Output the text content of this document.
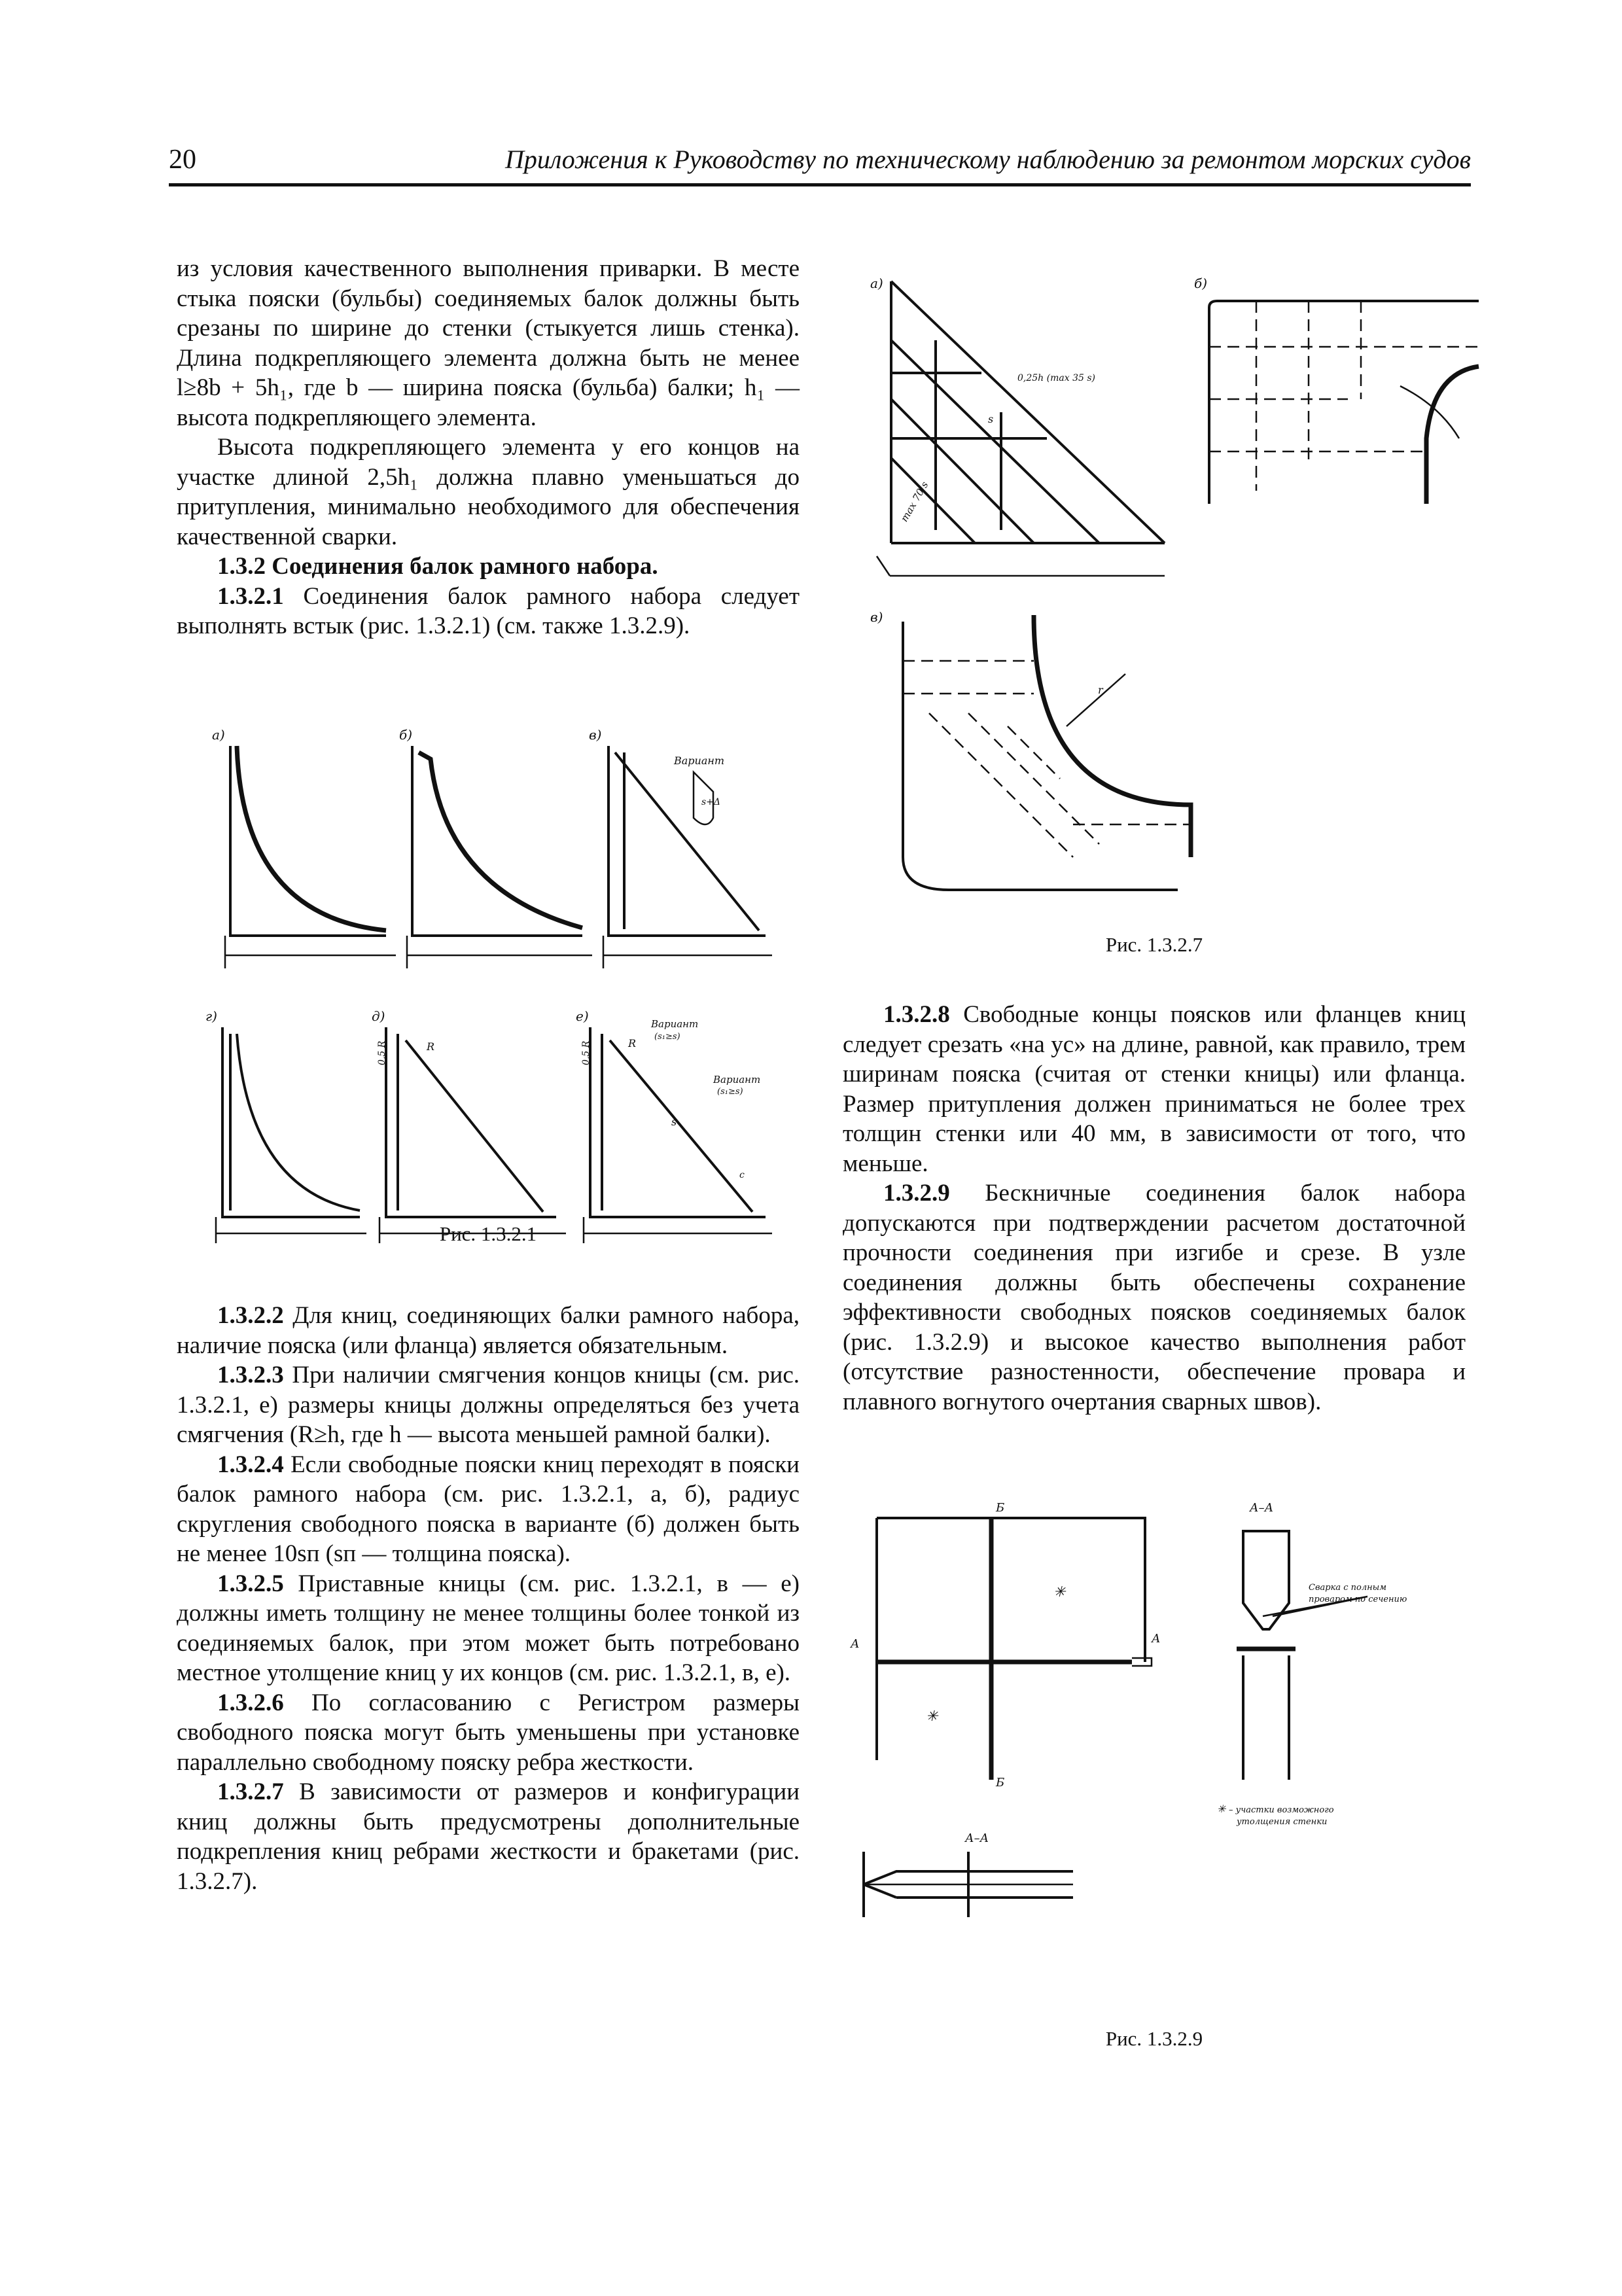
20	Приложения к Руководству по техническому наблюдению за ремонтом морских судов

из условия качественного выполнения приварки. В месте стыка пояски (бульбы) соединяемых балок должны быть срезаны по ширине до стенки (стыкуется лишь стенка). Длина подкрепляющего элемента должна быть не менее l≥8b + 5h₁, где b — ширина пояска (бульба) балки; h₁ — высота подкрепляющего элемента.

Высота подкрепляющего элемента у его концов на участке длиной 2,5h₁ должна плавно уменьшаться до притупления, минимально необходимого для обеспечения качественной сварки.

1.3.2 Соединения балок рамного набора.

1.3.2.1 Соединения балок рамного набора следует выполнять встык (рис. 1.3.2.1) (см. также 1.3.2.9).

а)	б)	в)
Вариант
s+Δ
г)	д)
0,5 R	R
е)	Вариант
(s₁≥s)
Вариант
(s₁≥s)
s
R
0,5 R
c
Рис. 1.3.2.1

1.3.2.2 Для книц, соединяющих балки рамного набора, наличие пояска (или фланца) является обязательным.

1.3.2.3 При наличии смягчения концов кницы (см. рис. 1.3.2.1, е) размеры кницы должны определяться без учета смягчения (R≥h, где h — высота меньшей рамной балки).

1.3.2.4 Если свободные пояски книц переходят в пояски балок рамного набора (см. рис. 1.3.2.1, а, б), радиус скругления свободного пояска в варианте (б) должен быть не менее 10sп (sп — толщина пояска).

1.3.2.5 Приставные кницы (см. рис. 1.3.2.1, в — е) должны иметь толщину не менее толщины более тонкой из соединяемых балок, при этом может быть потребовано местное утолщение книц у их концов (см. рис. 1.3.2.1, в, е).

1.3.2.6 По согласованию с Регистром размеры свободного пояска могут быть уменьшены при установке параллельно свободному пояску ребра жесткости.

1.3.2.7 В зависимости от размеров и конфигурации книц должны быть предусмотрены дополнительные подкрепления книц ребрами жесткости и бракетами (рис. 1.3.2.7).

а)
0,25h (max 35 s)
max 70 s
s
б)
в)
r
Рис. 1.3.2.7

1.3.2.8 Свободные концы поясков или фланцев книц следует срезать «на ус» на длине, равной, как правило, трем ширинам пояска (считая от стенки кницы) или фланца. Размер притупления должен приниматься не более трех толщин стенки или 40 мм, в зависимости от того, что меньше.

1.3.2.9 Бескничные соединения балок набора допускаются при подтверждении расчетом достаточной прочности соединения при изгибе и срезе. В узле соединения должны быть обеспечены сохранение эффективности свободных поясков соединяемых балок (рис. 1.3.2.9) и высокое качество выполнения работ (отсутствие разностенности, обеспечение провара и плавного вогнутого очертания сварных швов).

Б
Б
А	А
✳
✳
А–А
Сварка с полным
проваром по сечению
✳ – участки возможного
утолщения стенки
А–А
Рис. 1.3.2.9
